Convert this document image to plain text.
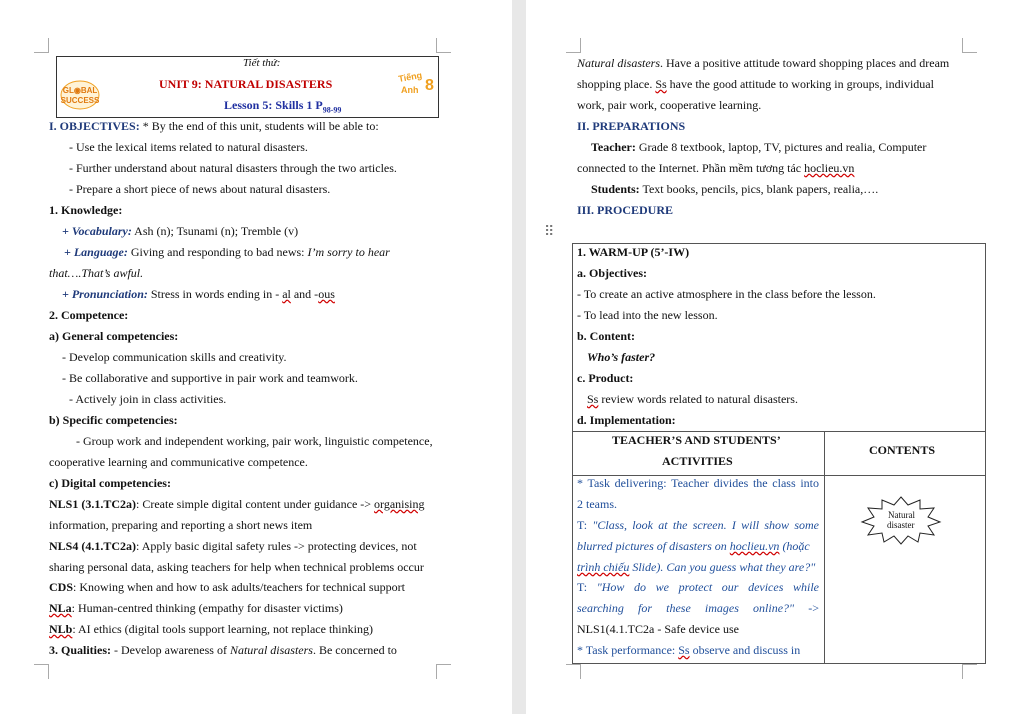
GL◉BAL
SUCCESS
Tiếng
Anh 8
Tiết thứ:
UNIT 9: NATURAL DISASTERS
Lesson 5: Skills 1 $P_{98-99}$
I. OBJECTIVES: * By the end of this unit, students will be able to:
- Use the lexical items related to natural disasters.
- Further understand about natural disasters through the two articles.
- Prepare a short piece of news about natural disasters.
1. Knowledge:
+ Vocabulary: Ash (n); Tsunami (n); Tremble (v)
+ Language: Giving and responding to bad news: I’m sorry to hear
that….That’s awful.
+ Pronunciation: Stress in words ending in - al and -ous
2. Competence:
a) General competencies:
- Develop communication skills and creativity.
- Be collaborative and supportive in pair work and teamwork.
- Actively join in class activities.
b) Specific competencies:
- Group work and independent working, pair work, linguistic competence,
cooperative learning and communicative competence.
c) Digital competencies:
NLS1 (3.1.TC2a): Create simple digital content under guidance -> organising
information, preparing and reporting a short news item
NLS4 (4.1.TC2a): Apply basic digital safety rules -> protecting devices, not
sharing personal data, asking teachers for help when technical problems occur
CDS: Knowing when and how to ask adults/teachers for technical support
NLa: Human-centred thinking (empathy for disaster victims)
NLb: AI ethics (digital tools support learning, not replace thinking)
3. Qualities: - Develop awareness of Natural disasters. Be concerned to
Natural disasters. Have a positive attitude toward shopping places and dream
shopping place. Ss have the good attitude to working in groups, individual
work, pair work, cooperative learning.
II. PREPARATIONS
Teacher: Grade 8 textbook, laptop, TV, pictures and realia, Computer
connected to the Internet. Phần mềm tương tác hoclieu.vn
Students: Text books, pencils, pics, blank papers, realia,….
III. PROCEDURE
1. WARM-UP (5’-IW)
a. Objectives:
- To create an active atmosphere in the class before the lesson.
- To lead into the new lesson.
b. Content:
Who’s faster?
c. Product:
Ss review words related to natural disasters.
d. Implementation:
TEACHER’S AND STUDENTS’
ACTIVITIES
CONTENTS
* Task delivering: Teacher divides the class into
2 teams.
T: "Class, look at the screen. I will show some
blurred pictures of disasters on hoclieu.vn (hoặc
trình chiếu Slide). Can you guess what they are?"
T: "How do we protect our devices while
searching for these images online?" ->
NLS1(4.1.TC2a - Safe device use
* Task performance: Ss observe and discuss in
Natural
disaster
⠿
